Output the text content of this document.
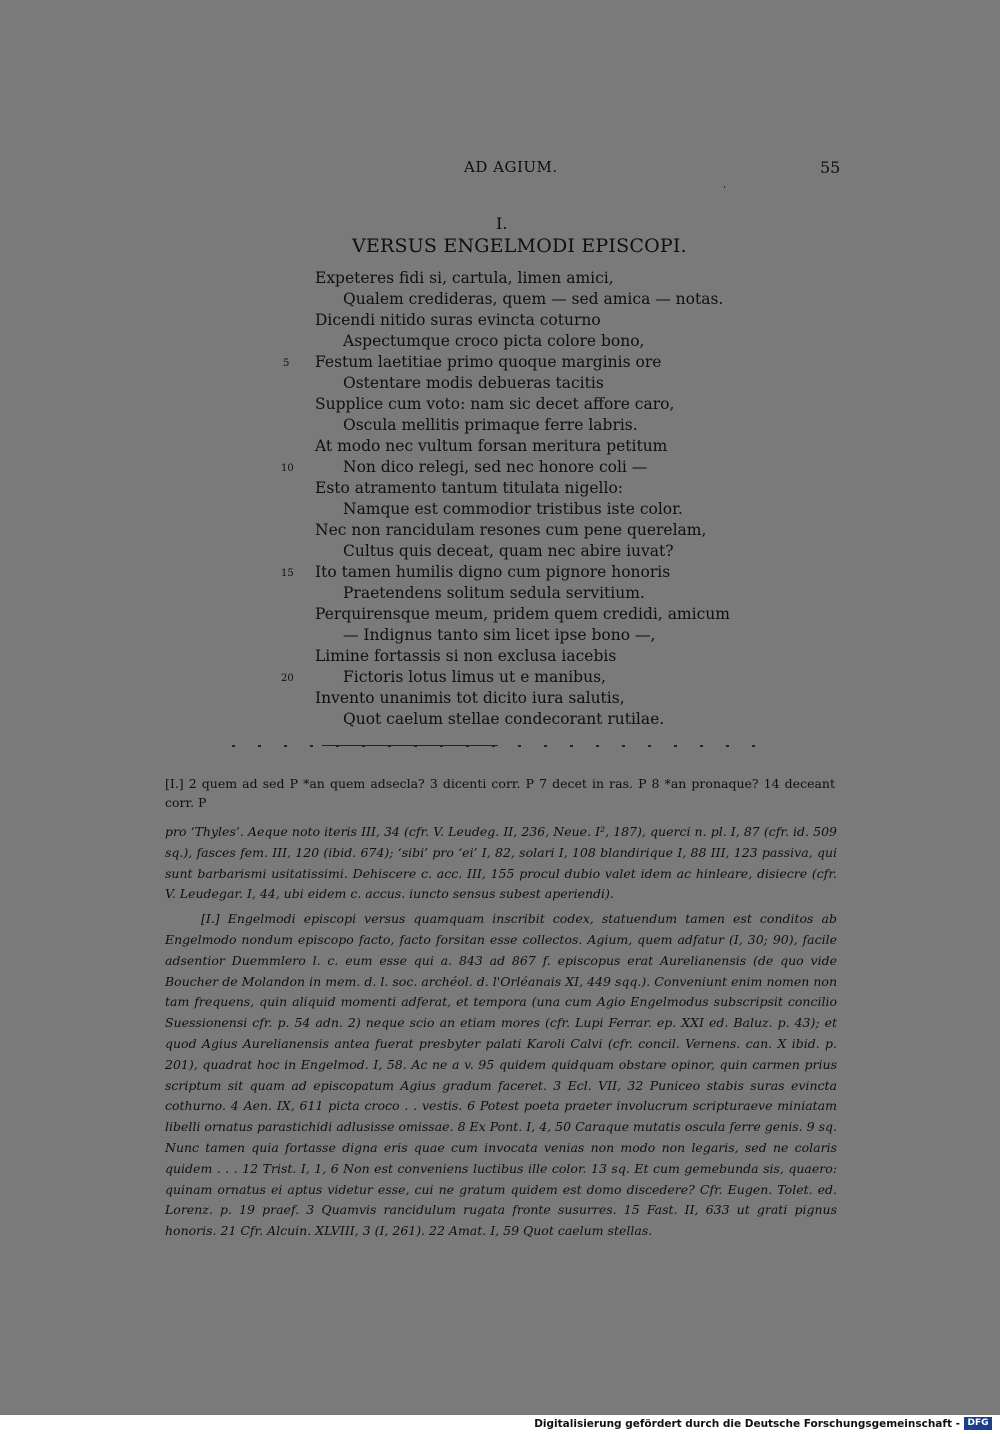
AD AGIUM.	55
I.
VERSUS ENGELMODI EPISCOPI.
Expeteres fidi si, cartula, limen amici,
Qualem credideras, quem — sed amica — notas.
Dicendi nitido suras evincta coturno
Aspectumque croco picta colore bono,
Festum laetitiae primo quoque marginis ore
Ostentare modis debueras tacitis
Supplice cum voto: nam sic decet affore caro,
Oscula mellitis primaque ferre labris.
At modo nec vultum forsan meritura petitum
Non dico relegi, sed nec honore coli —
Esto atramento tantum titulata nigello:
Namque est commodior tristibus iste color.
Nec non rancidulam resones cum pene querelam,
Cultus quis deceat, quam nec abire iuvat?
Ito tamen humilis digno cum pignore honoris
Praetendens solitum sedula servitium.
Perquirensque meum, pridem quem credidi, amicum
— Indignus tanto sim licet ipse bono —,
Limine fortassis si non exclusa iacebis
Fictoris lotus limus ut e manibus,
Invento unanimis tot dicito iura salutis,
Quot caelum stellae condecorant rutilae.
5
10
15
20

[I.] 2 quem ad sed P *an quem adsecla? 3 dicenti corr. P 7 decet in ras. P 8 *an pronaque? 14 deceant corr. P

pro ‘Thyles’. Aeque noto iteris III, 34 (cfr. V. Leudeg. II, 236, Neue. I², 187), querci n. pl. I, 87 (cfr. id. 509 sq.), fasces fem. III, 120 (ibid. 674); ‘sibi’ pro ‘ei’ I, 82, solari I, 108 blandirique I, 88 III, 123 passiva, qui sunt barbarismi usitatissimi. Dehiscere c. acc. III, 155 procul dubio valet idem ac hinleare, disiecre (cfr. V. Leudegar. I, 44, ubi eidem c. accus. iuncto sensus subest aperiendi).

[I.] Engelmodi episcopi versus quamquam inscribit codex, statuendum tamen est conditos ab Engelmodo nondum episcopo facto, facto forsitan esse collectos. Agium, quem adfatur (I, 30; 90), facile adsentior Duemmlero l. c. eum esse qui a. 843 ad 867 f. episcopus erat Aurelianensis (de quo vide Boucher de Molandon in mem. d. l. soc. archéol. d. l'Orléanais XI, 449 sqq.). Conveniunt enim nomen non tam frequens, quin aliquid momenti adferat, et tempora (una cum Agio Engelmodus subscripsit concilio Suessionensi cfr. p. 54 adn. 2) neque scio an etiam mores (cfr. Lupi Ferrar. ep. XXI ed. Baluz. p. 43); et quod Agius Aurelianensis antea fuerat presbyter palati Karoli Calvi (cfr. concil. Vernens. can. X ibid. p. 201), quadrat hoc in Engelmod. I, 58. Ac ne a v. 95 quidem quidquam obstare opinor, quin carmen prius scriptum sit quam ad episcopatum Agius gradum faceret. 3 Ecl. VII, 32 Puniceo stabis suras evincta cothurno. 4 Aen. IX, 611 picta croco . . vestis. 6 Potest poeta praeter involucrum scripturaeve miniatam libelli ornatus parastichidi adlusisse omissae. 8 Ex Pont. I, 4, 50 Caraque mutatis oscula ferre genis. 9 sq. Nunc tamen quia fortasse digna eris quae cum invocata venias non modo non legaris, sed ne colaris quidem . . . 12 Trist. I, 1, 6 Non est conveniens luctibus ille color. 13 sq. Et cum gemebunda sis, quaero: quinam ornatus ei aptus videtur esse, cui ne gratum quidem est domo discedere? Cfr. Eugen. Tolet. ed. Lorenz. p. 19 praef. 3 Quamvis rancidulum rugata fronte susurres. 15 Fast. II, 633 ut grati pignus honoris. 21 Cfr. Alcuin. XLVIII, 3 (I, 261). 22 Amat. I, 59 Quot caelum stellas.

Digitalisierung gefördert durch die Deutsche Forschungsgemeinschaft - DFG
